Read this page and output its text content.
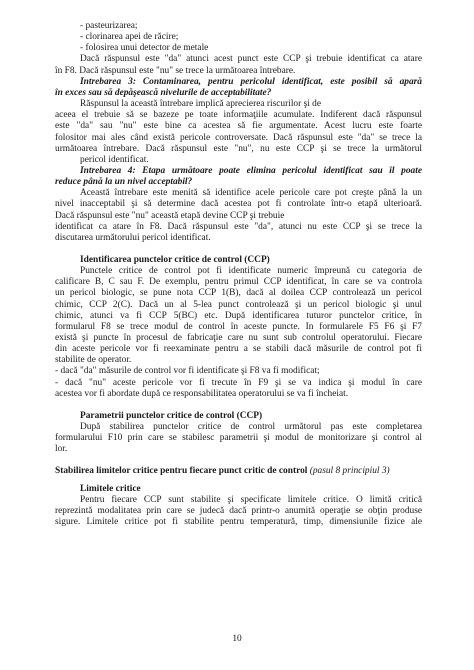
- pasteurizarea;
- clorinarea apei de răcire;
- folosirea unui detector de metale
Dacă răspunsul este "da" atunci acest punct este CCP şi trebuie identificat ca atare
în F8. Dacă răspunsul este "nu" se trece la următoarea întrebare.
Întrebarea 3: Contaminarea, pentru pericolul identificat, este posibil să apară
în exces sau să depăşească nivelurile de acceptabilitate?
Răspunsul la această întrebare implică aprecierea riscurilor şi de
aceea el trebuie să se bazeze pe toate informaţiile acumulate. Indiferent dacă răspunsul
este "da" sau "nu" este bine ca acestea să fie argumentate. Acest lucru este foarte
folositor mai ales când există pericole controversate. Dacă răspunsul este "da" se trece la
următoarea întrebare. Dacă răspunsul este "nu", nu este CCP şi se trece la următorul
pericol identificat.
Întrebarea 4: Etapa următoare poate elimina pericolul identificat sau îl poate
reduce până la un nivel acceptabil?
Această întrebare este menită să identifice acele pericole care pot creşte până la un
nivel inacceptabil şi să determine dacă acestea pot fi controlate într-o etapă ulterioară.
Dacă răspunsul este "nu" această etapă devine CCP şi trebuie
identificat ca atare în F8. Dacă răspunsul este "da", atunci nu este CCP şi se trece la
discutarea următorului pericol identificat.
Identificarea punctelor critice de control (CCP)
Punctele critice de control pot fi identificate numeric împreună cu categoria de
calificare B, C sau F. De exemplu, pentru primul CCP identificat, în care se va controla
un pericol biologic, se pune nota CCP 1(B), dacă al doilea CCP controlează un pericol
chimic, CCP 2(C). Dacă un al 5-lea punct controlează şi un pericol biologic şi unul
chimic, atunci va fi CCP 5(BC) etc. După identificarea tuturor punctelor critice, în
formularul F8 se trece modul de control în aceste puncte. În formularele F5 F6 şi F7
există şi puncte în procesul de fabricaţie care nu sunt sub controlul operatorului. Fiecare
din aceste pericole vor fi reexaminate pentru a se stabili dacă măsurile de control pot fi
stabilite de operator.
- dacă "da" măsurile de control vor fi identificate şi F8 va fi modificat;
- dacă "nu" aceste pericole vor fi trecute în F9 şi se va indica şi modul în care
acestea vor fi abordate după ce responsabilitatea operatorului se va fi încheiat.
Parametrii punctelor critice de control (CCP)
După stabilirea punctelor critice de control următorul pas este completarea
formularului F10 prin care se stabilesc parametrii şi modul de monitorizare şi control al
lor.
Stabilirea limitelor critice pentru fiecare punct critic de control (pasul 8 principiul 3)
Limitele critice
Pentru fiecare CCP sunt stabilite şi specificate limitele critice. O limită critică
reprezintă modalitatea prin care se judecă dacă printr-o anumită operaţie se obţin produse
sigure. Limitele critice pot fi stabilite pentru temperatură, timp, dimensiunile fizice ale
10
